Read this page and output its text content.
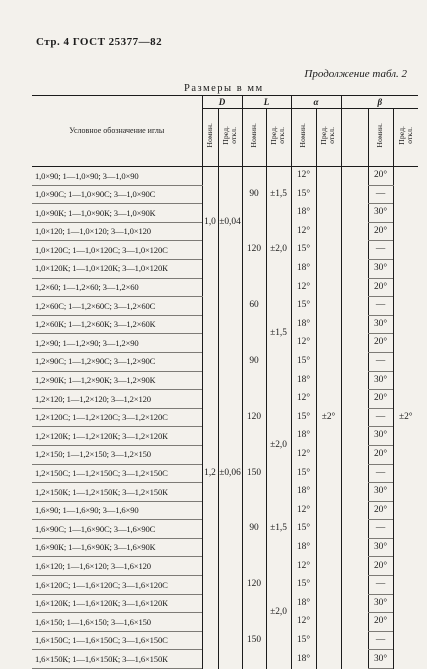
Стр. 4 ГОСТ 25377—82
Продолжение табл. 2
Размеры в мм
Условное обозначение иглы	D		L		α		β		
	Номин.	Пред.
откл.	Номин.	Пред.
откл.	Номин.	Пред.
откл.		Номин.	Пред.
откл.
1,0×90; 1—1,0×90; 3—1,0×90	1,0	±0,04	90	±1,5	12°	±2°		20°	±2°
1,0×90С; 1—1,0×90С; 3—1,0×90С					15°			—	
1,0×90К; 1—1,0×90К; 3—1,0×90К					18°			30°	
1,0×120; 1—1,0×120; 3—1,0×120			120	±2,0	12°			20°	
1,0×120С; 1—1,0×120С; 3—1,0×120С					15°			—	
1,0×120К; 1—1,0×120К; 3—1,0×120К					18°			30°	
1,2×60; 1—1,2×60; 3—1,2×60	1,2	±0,06	60	±1,5	12°			20°	
1,2×60С; 1—1,2×60С; 3—1,2×60С					15°			—	
1,2×60К; 1—1,2×60К; 3—1,2×60К					18°			30°	
1,2×90; 1—1,2×90; 3—1,2×90			90		12°			20°	
1,2×90С; 1—1,2×90С; 3—1,2×90С					15°			—	
1,2×90К; 1—1,2×90К; 3—1,2×90К					18°			30°	
1,2×120; 1—1,2×120; 3—1,2×120			120	±2,0	12°			20°	
1,2×120С; 1—1,2×120С; 3—1,2×120С					15°			—	
1,2×120К; 1—1,2×120К; 3—1,2×120К					18°			30°	
1,2×150; 1—1,2×150; 3—1,2×150			150		12°			20°	
1,2×150С; 1—1,2×150С; 3—1,2×150С					15°			—	
1,2×150К; 1—1,2×150К; 3—1,2×150К					18°			30°	
1,6×90; 1—1,6×90; 3—1,6×90			90	±1,5	12°			20°	
1,6×90С; 1—1,6×90С; 3—1,6×90С					15°			—	
1,6×90К; 1—1,6×90К; 3—1,6×90К					18°			30°	
1,6×120; 1—1,6×120; 3—1,6×120			120	±2,0	12°			20°	
1,6×120С; 1—1,6×120С; 3—1,6×120С					15°			—	
1,6×120К; 1—1,6×120К; 3—1,6×120К					18°			30°	
1,6×150; 1—1,6×150; 3—1,6×150			150		12°			20°	
1,6×150С; 1—1,6×150С; 3—1,6×150С					15°			—	
1,6×150К; 1—1,6×150К; 3—1,6×150К					18°			30°	
